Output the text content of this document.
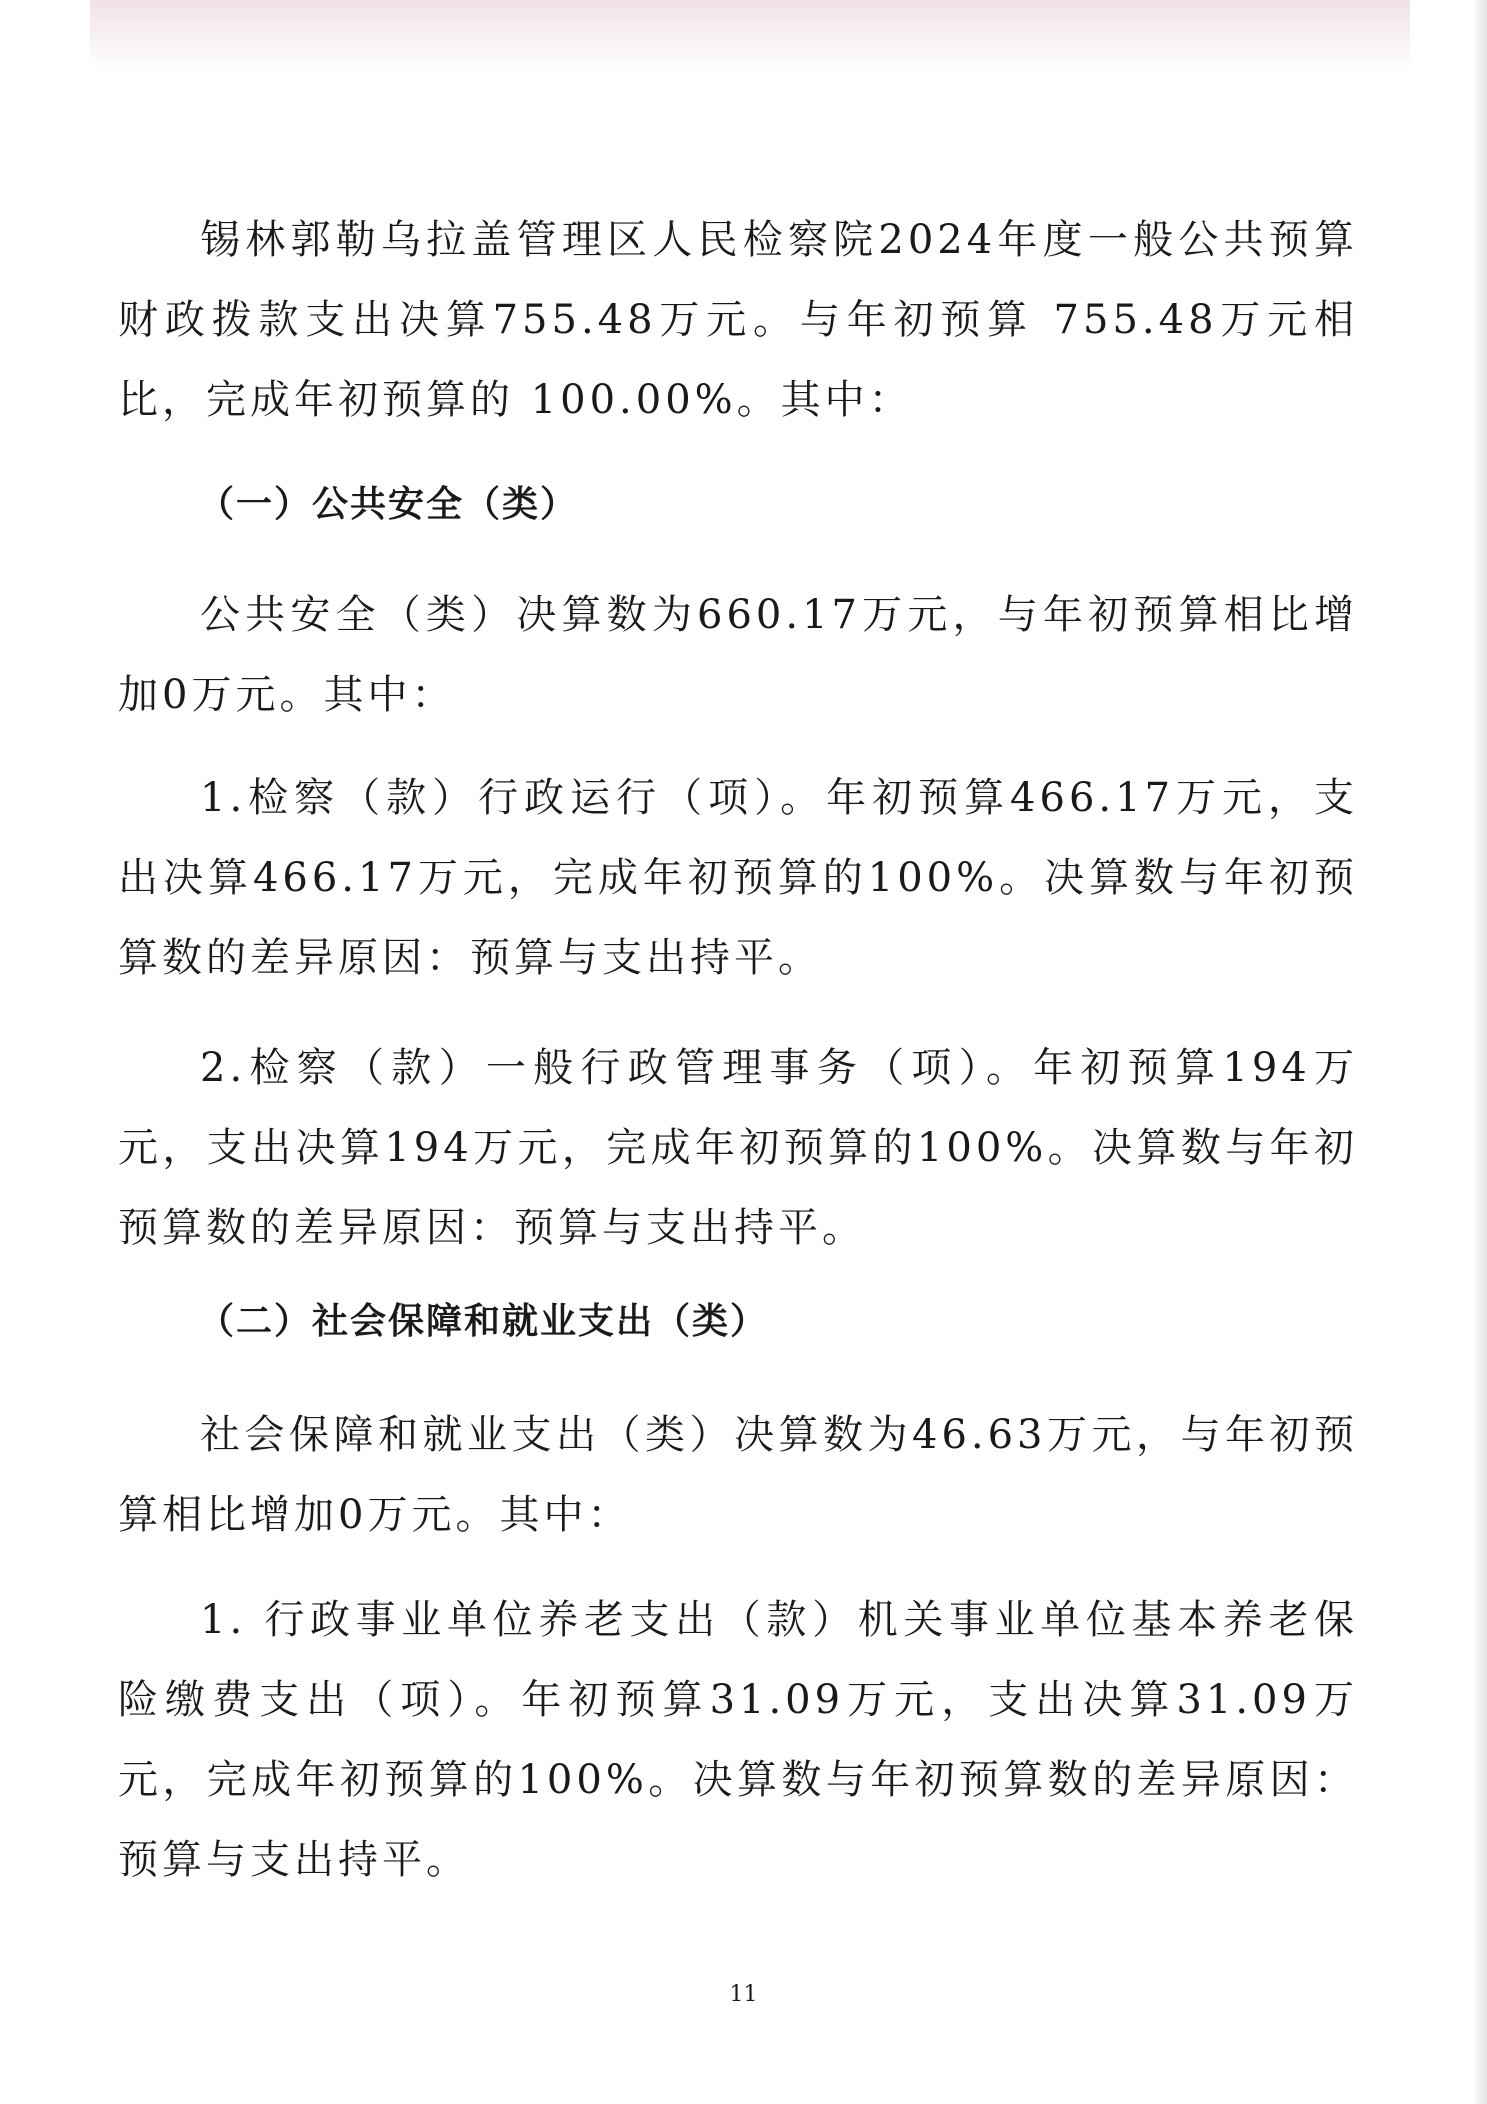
锡林郭勒乌拉盖管理区人民检察院2024年度一般公共预算财政拨款支出决算755.48万元。与年初预算 755.48万元相比，完成年初预算的 100.00%。其中：

（一）公共安全（类）

公共安全（类）决算数为660.17万元，与年初预算相比增加0万元。其中：

1.检察（款）行政运行（项）。年初预算466.17万元，支出决算466.17万元，完成年初预算的100%。决算数与年初预算数的差异原因：预算与支出持平。

2.检察（款）一般行政管理事务（项）。年初预算194万元，支出决算194万元，完成年初预算的100%。决算数与年初预算数的差异原因：预算与支出持平。

（二）社会保障和就业支出（类）

社会保障和就业支出（类）决算数为46.63万元，与年初预算相比增加0万元。其中：

1. 行政事业单位养老支出（款）机关事业单位基本养老保险缴费支出（项）。年初预算31.09万元，支出决算31.09万元，完成年初预算的100%。决算数与年初预算数的差异原因：预算与支出持平。

11
